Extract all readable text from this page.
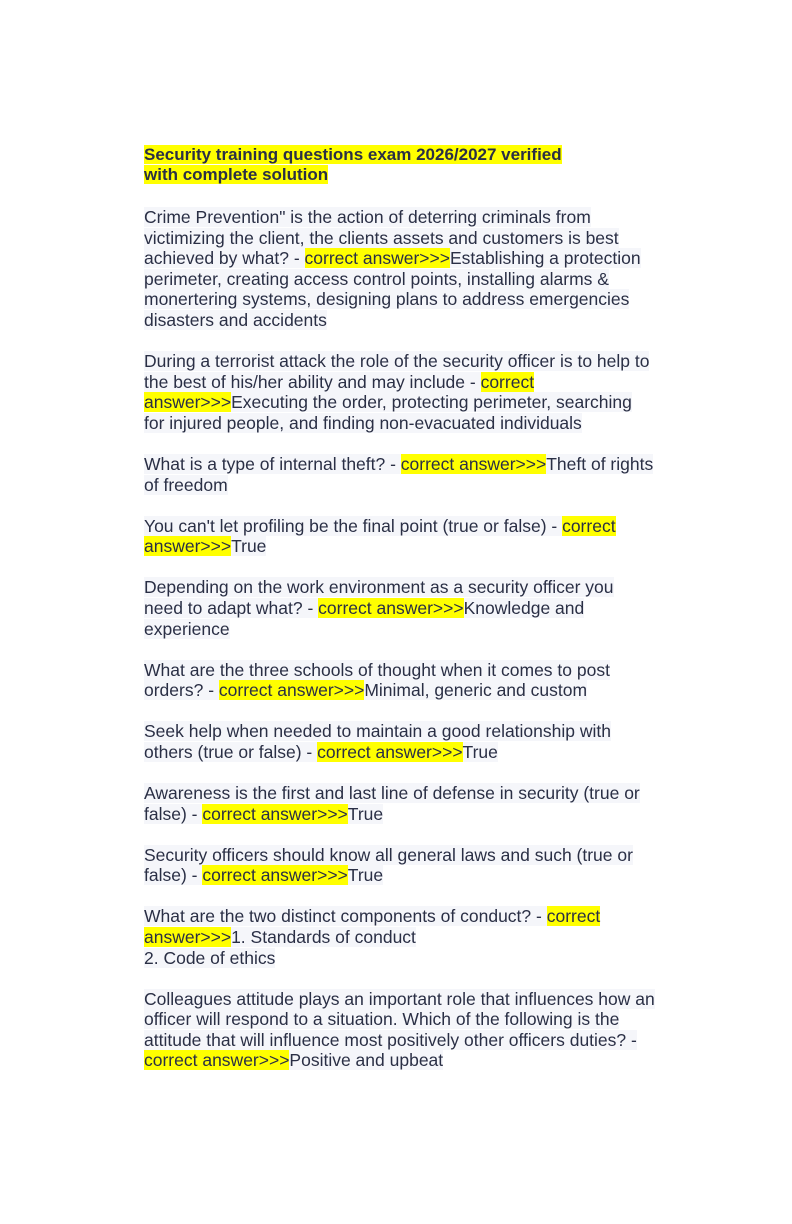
Security training questions exam 2026/2027 verified
with complete solution
Crime Prevention" is the action of deterring criminals from victimizing the client, the clients assets and customers is best achieved by what? - correct answer>>>Establishing a protection perimeter, creating access control points, installing alarms & monertering systems, designing plans to address emergencies disasters and accidents
During a terrorist attack the role of the security officer is to help to the best of his/her ability and may include - correct answer>>>Executing the order, protecting perimeter, searching for injured people, and finding non-evacuated individuals
What is a type of internal theft? - correct answer>>>Theft of rights of freedom
You can't let profiling be the final point (true or false) - correct answer>>>True
Depending on the work environment as a security officer you need to adapt what? - correct answer>>>Knowledge and experience
What are the three schools of thought when it comes to post orders? - correct answer>>>Minimal, generic and custom
Seek help when needed to maintain a good relationship with others (true or false) - correct answer>>>True
Awareness is the first and last line of defense in security (true or false) - correct answer>>>True
Security officers should know all general laws and such (true or false) - correct answer>>>True
What are the two distinct components of conduct? - correct answer>>>1. Standards of conduct
2. Code of ethics
Colleagues attitude plays an important role that influences how an officer will respond to a situation. Which of the following is the attitude that will influence most positively other officers duties? - correct answer>>>Positive and upbeat
